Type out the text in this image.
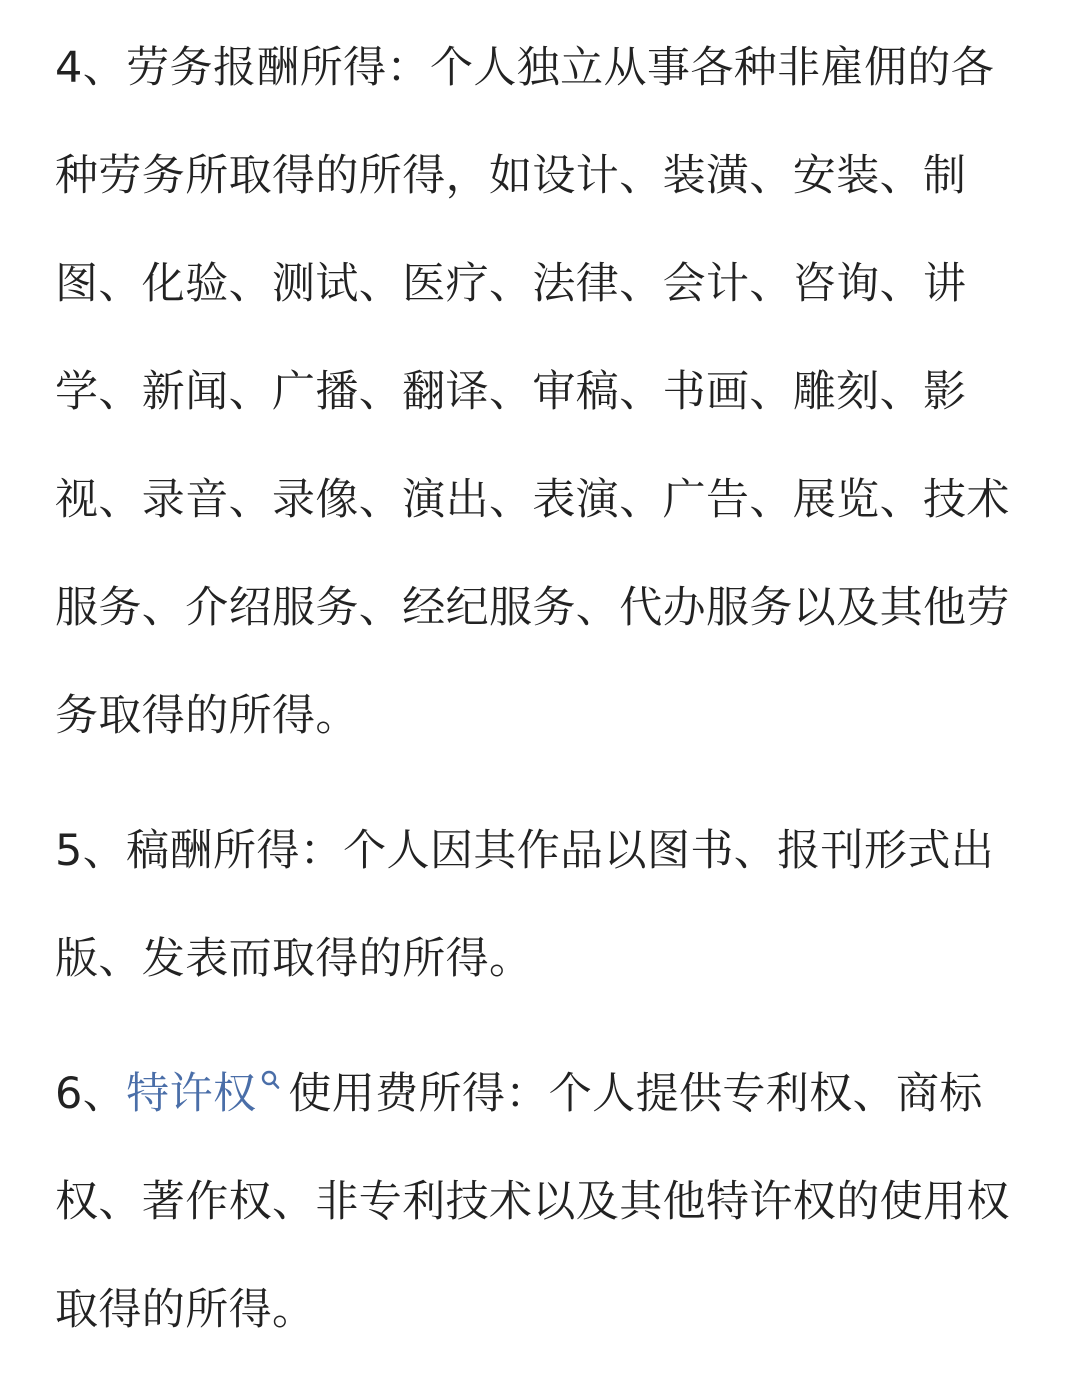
4、劳务报酬所得：个人独立从事各种非雇佣的各种劳务所取得的所得，如设计、装潢、安装、制图、化验、测试、医疗、法律、会计、咨询、讲学、新闻、广播、翻译、审稿、书画、雕刻、影视、录音、录像、演出、表演、广告、展览、技术服务、介绍服务、经纪服务、代办服务以及其他劳务取得的所得。

5、稿酬所得：个人因其作品以图书、报刊形式出版、发表而取得的所得。

6、特许权 使用费所得：个人提供专利权、商标权、著作权、非专利技术以及其他特许权的使用权取得的所得。
